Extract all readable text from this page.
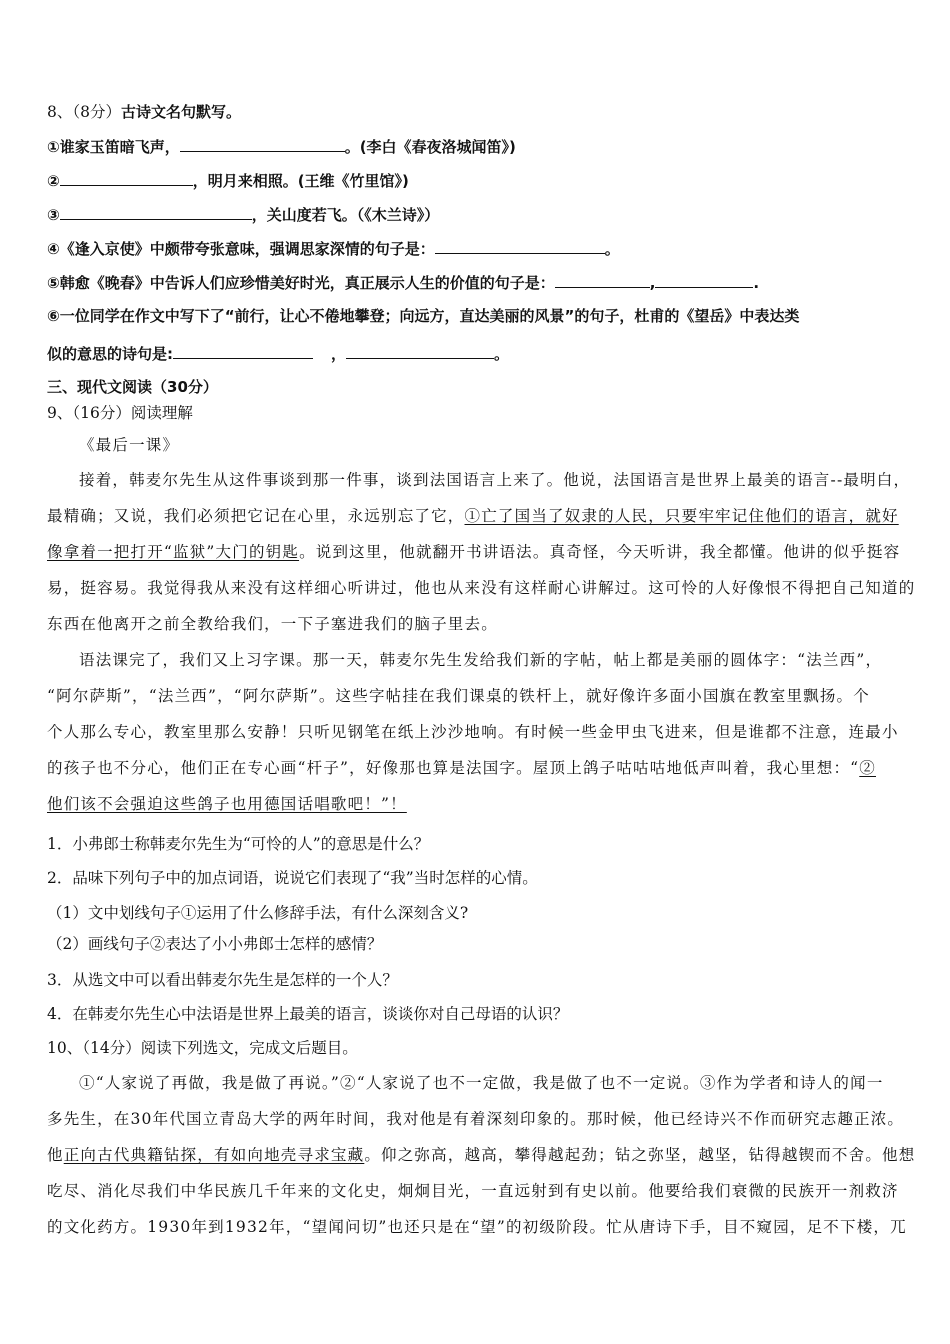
8、（8分）古诗文名句默写。
①谁家玉笛暗飞声，	。(李白《春夜洛城闻笛》)
②	，明月来相照。(王维《竹里馆》)
③	，关山度若飞。（《木兰诗》）
④《逢入京使》中颇带夸张意味，强调思家深情的句子是：	。
⑤韩愈《晚春》中告诉人们应珍惜美好时光，真正展示人生的价值的句子是：	,	.
⑥一位同学在作文中写下了“前行，让心不倦地攀登；向远方，直达美丽的风景”的句子，杜甫的《望岳》中表达类
似的意思的诗句是:	，	。
三、现代文阅读（30分）
9、（16分）阅读理解
《最后一课》
接着，韩麦尔先生从这件事谈到那一件事，谈到法国语言上来了。他说，法国语言是世界上最美的语言--最明白，
最精确；又说，我们必须把它记在心里，永远别忘了它，①亡了国当了奴隶的人民，只要牢牢记住他们的语言，就好
像拿着一把打开“监狱”大门的钥匙。说到这里，他就翻开书讲语法。真奇怪，今天听讲，我全都懂。他讲的似乎挺容
易，挺容易。我觉得我从来没有这样细心听讲过，他也从来没有这样耐心讲解过。这可怜的人好像恨不得把自己知道的
东西在他离开之前全教给我们，一下子塞进我们的脑子里去。
语法课完了，我们又上习字课。那一天，韩麦尔先生发给我们新的字帖，帖上都是美丽的圆体字：“法兰西”，
“阿尔萨斯”，“法兰西”，“阿尔萨斯”。这些字帖挂在我们课桌的铁杆上，就好像许多面小国旗在教室里飘扬。个
个人那么专心，教室里那么安静！只听见钢笔在纸上沙沙地响。有时候一些金甲虫飞进来，但是谁都不注意，连最小
的孩子也不分心，他们正在专心画“杆子”，好像那也算是法国字。屋顶上鸽子咕咕咕地低声叫着，我心里想：“②
他们该不会强迫这些鸽子也用德国话唱歌吧！”！
1．小弗郎士称韩麦尔先生为“可怜的人”的意思是什么？
2．品味下列句子中的加点词语，说说它们表现了“我”当时怎样的心情。
（1）文中划线句子①运用了什么修辞手法，有什么深刻含义?
（2）画线句子②表达了小小弗郎士怎样的感情？
3．从选文中可以看出韩麦尔先生是怎样的一个人？
4．在韩麦尔先生心中法语是世界上最美的语言，谈谈你对自己母语的认识？
10、（14分）阅读下列选文，完成文后题目。
①“人家说了再做，我是做了再说。”②“人家说了也不一定做，我是做了也不一定说。③作为学者和诗人的闻一
多先生，在30年代国立青岛大学的两年时间，我对他是有着深刻印象的。那时候，他已经诗兴不作而研究志趣正浓。
他正向古代典籍钻探，有如向地壳寻求宝藏。仰之弥高，越高，攀得越起劲；钻之弥坚，越坚，钻得越锲而不舍。他想
吃尽、消化尽我们中华民族几千年来的文化史，炯炯目光，一直远射到有史以前。他要给我们衰微的民族开一剂救济
的文化药方。1930年到1932年，“望闻问切”也还只是在“望”的初级阶段。忙从唐诗下手，目不窥园，足不下楼，兀
